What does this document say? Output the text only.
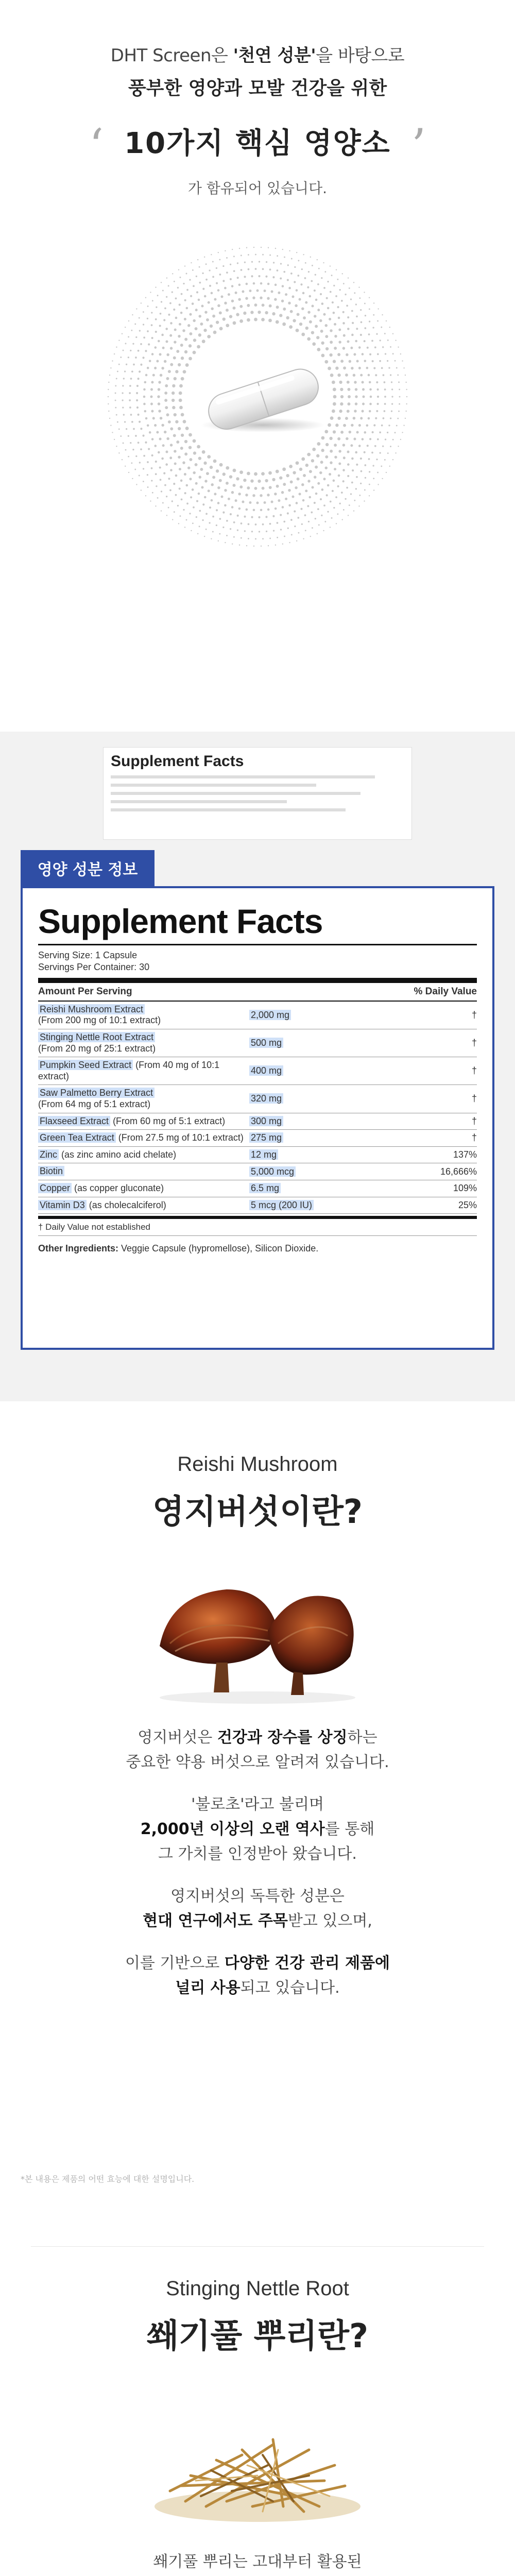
DHT Screen은 '천연 성분'을 바탕으로
풍부한 영양과 모발 건강을 위한
‘ 10가지 핵심 영양소 ’
가 함유되어 있습니다.
Supplement Facts
영양 성분 정보
Supplement Facts
Serving Size: 1 Capsule
Servings Per Container: 30
Amount Per Serving	% Daily Value
Reishi Mushroom Extract
(From 200 mg of 10:1 extract)
2,000 mg	†
Stinging Nettle Root Extract
(From 20 mg of 25:1 extract)
500 mg	†
Pumpkin Seed Extract (From 40 mg of 10:1 extract)
400 mg	†
Saw Palmetto Berry Extract
(From 64 mg of 5:1 extract)
320 mg	†
Flaxseed Extract (From 60 mg of 5:1 extract)	300 mg	†
Green Tea Extract (From 27.5 mg of 10:1 extract) 275 mg	†
Zinc (as zinc amino acid chelate)	12 mg	137%
Biotin	5,000 mcg	16,666%
Copper (as copper gluconate)	6.5 mg	109%
Vitamin D3 (as cholecalciferol)	5 mcg (200 IU)	25%
† Daily Value not established
Other Ingredients: Veggie Capsule (hypromellose), Silicon Dioxide.
Reishi Mushroom
영지버섯이란?
영지버섯은 건강과 장수를 상징하는
중요한 약용 버섯으로 알려져 있습니다.
'불로초'라고 불리며
2,000년 이상의 오랜 역사를 통해
그 가치를 인정받아 왔습니다.
영지버섯의 독특한 성분은
현대 연구에서도 주목받고 있으며,
이를 기반으로 다양한 건강 관리 제품에
널리 사용되고 있습니다.
*본 내용은 제품의 어떤 효능에 대한 설명입니다.
Stinging Nettle Root
쐐기풀 뿌리란?
쐐기풀 뿌리는 고대부터 활용된
